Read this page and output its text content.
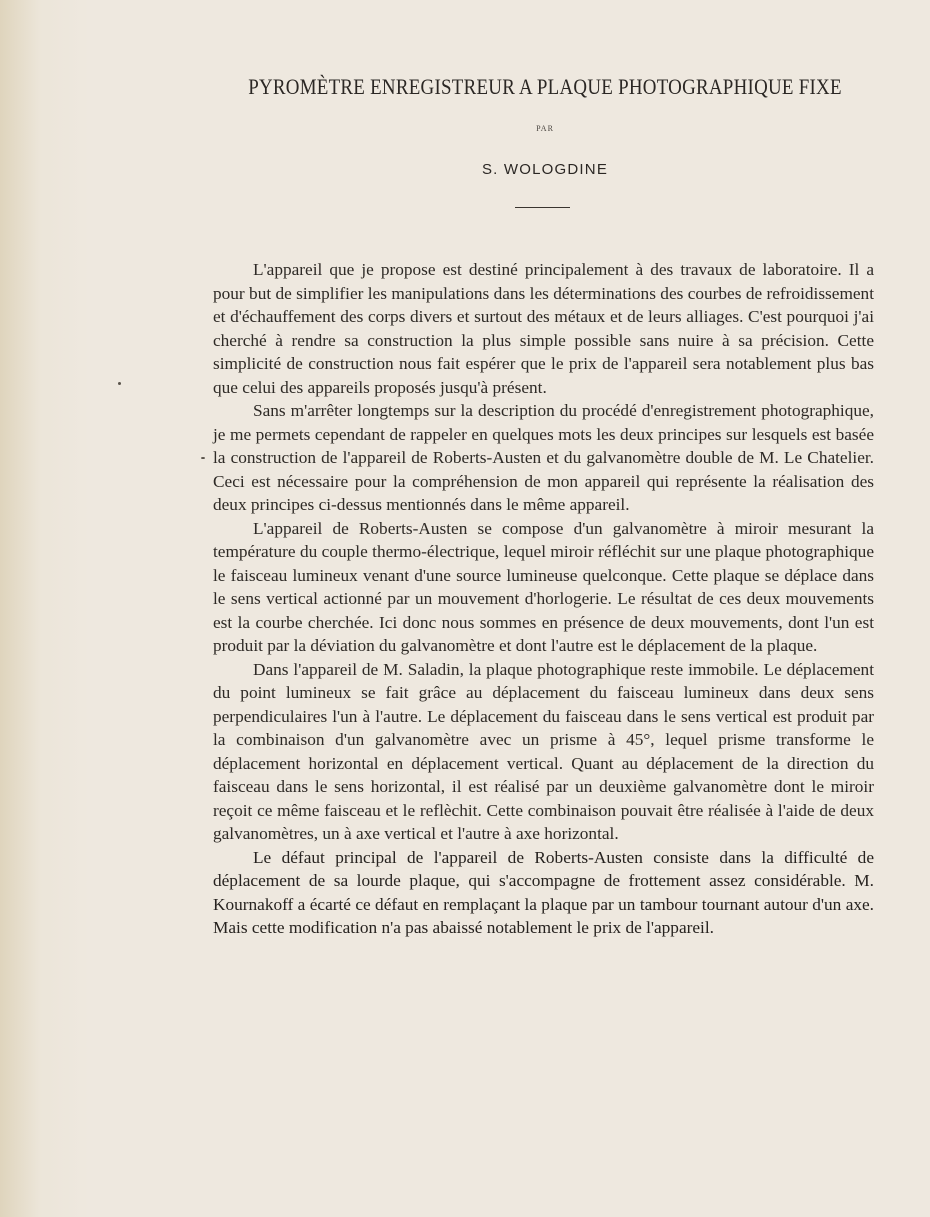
PYROMÈTRE ENREGISTREUR A PLAQUE PHOTOGRAPHIQUE FIXE
PAR
S. WOLOGDINE

L'appareil que je propose est destiné principalement à des travaux de laboratoire. Il a pour but de simplifier les manipulations dans les déterminations des courbes de refroidissement et d'échauffement des corps divers et surtout des métaux et de leurs alliages. C'est pourquoi j'ai cherché à rendre sa construction la plus simple possible sans nuire à sa précision. Cette simplicité de construction nous fait espérer que le prix de l'appareil sera notablement plus bas que celui des appareils proposés jusqu'à présent.

Sans m'arrêter longtemps sur la description du procédé d'enregistrement photographique, je me permets cependant de rappeler en quelques mots les deux principes sur lesquels est basée la construction de l'appareil de Roberts-Austen et du galvanomètre double de M. Le Chatelier. Ceci est nécessaire pour la compréhension de mon appareil qui représente la réalisation des deux principes ci-dessus mentionnés dans le même appareil.

L'appareil de Roberts-Austen se compose d'un galvanomètre à miroir mesurant la température du couple thermo-électrique, lequel miroir réfléchit sur une plaque photographique le faisceau lumineux venant d'une source lumineuse quelconque. Cette plaque se déplace dans le sens vertical actionné par un mouvement d'horlogerie. Le résultat de ces deux mouvements est la courbe cherchée. Ici donc nous sommes en présence de deux mouvements, dont l'un est produit par la déviation du galvanomètre et dont l'autre est le déplacement de la plaque.

Dans l'appareil de M. Saladin, la plaque photographique reste immobile. Le déplacement du point lumineux se fait grâce au déplacement du faisceau lumineux dans deux sens perpendiculaires l'un à l'autre. Le déplacement du faisceau dans le sens vertical est produit par la combinaison d'un galvanomètre avec un prisme à 45°, lequel prisme transforme le déplacement horizontal en déplacement vertical. Quant au déplacement de la direction du faisceau dans le sens horizontal, il est réalisé par un deuxième galvanomètre dont le miroir reçoit ce même faisceau et le reflèchit. Cette combinaison pouvait être réalisée à l'aide de deux galvanomètres, un à axe vertical et l'autre à axe horizontal.

Le défaut principal de l'appareil de Roberts-Austen consiste dans la difficulté de déplacement de sa lourde plaque, qui s'accompagne de frottement assez considérable. M. Kournakoff a écarté ce défaut en remplaçant la plaque par un tambour tournant autour d'un axe. Mais cette modification n'a pas abaissé notablement le prix de l'appareil.
